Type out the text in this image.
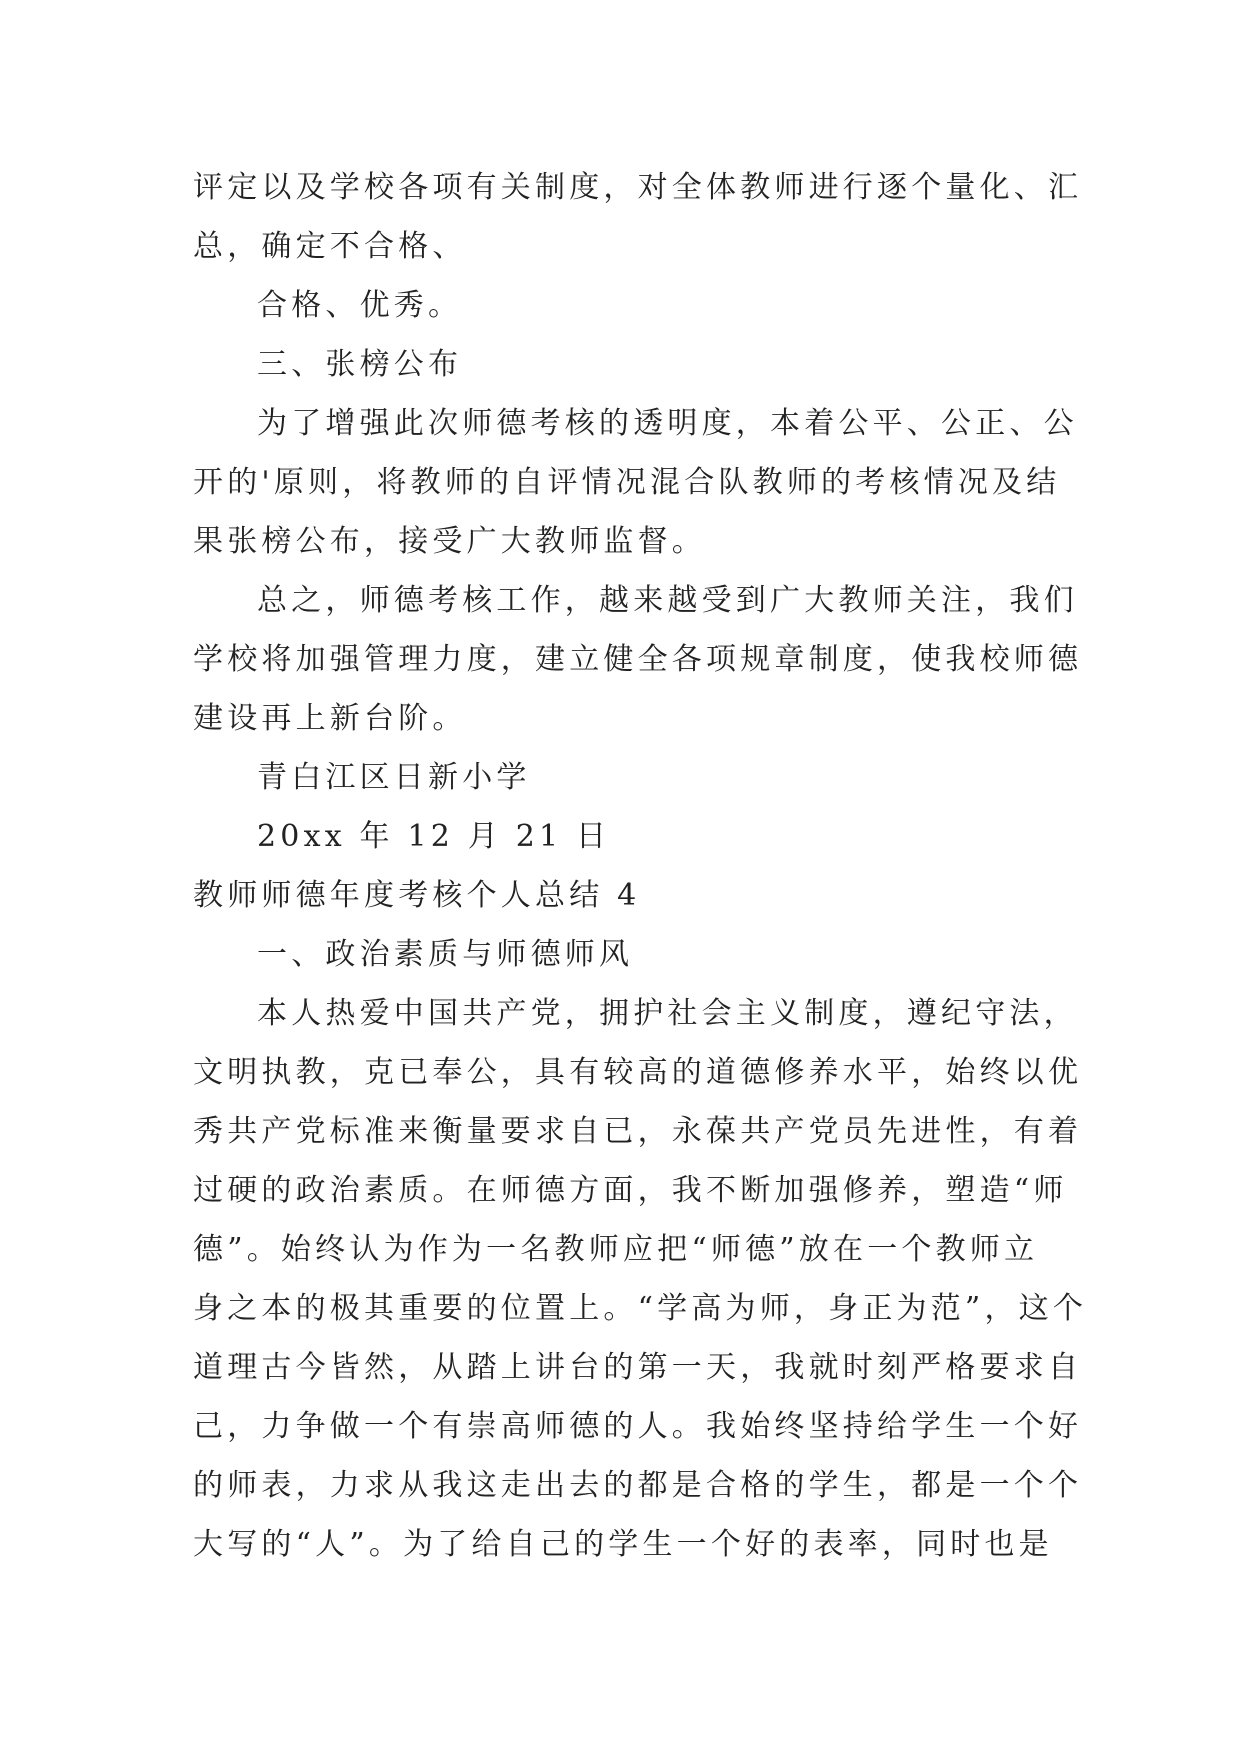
评定以及学校各项有关制度，对全体教师进行逐个量化、汇
总，确定不合格、
合格、优秀。
三、张榜公布
为了增强此次师德考核的透明度，本着公平、公正、公
开的'原则，将教师的自评情况混合队教师的考核情况及结
果张榜公布，接受广大教师监督。
总之，师德考核工作，越来越受到广大教师关注，我们
学校将加强管理力度，建立健全各项规章制度，使我校师德
建设再上新台阶。
青白江区日新小学
20xx 年 12 月 21 日
教师师德年度考核个人总结 4
一、政治素质与师德师风
本人热爱中国共产党，拥护社会主义制度，遵纪守法，
文明执教，克已奉公，具有较高的道德修养水平，始终以优
秀共产党标准来衡量要求自已，永葆共产党员先进性，有着
过硬的政治素质。在师德方面，我不断加强修养，塑造“师
德”。始终认为作为一名教师应把“师德”放在一个教师立
身之本的极其重要的位置上。“学高为师，身正为范”，这个
道理古今皆然，从踏上讲台的第一天，我就时刻严格要求自
己，力争做一个有崇高师德的人。我始终坚持给学生一个好
的师表，力求从我这走出去的都是合格的学生，都是一个个
大写的“人”。为了给自己的学生一个好的表率，同时也是
